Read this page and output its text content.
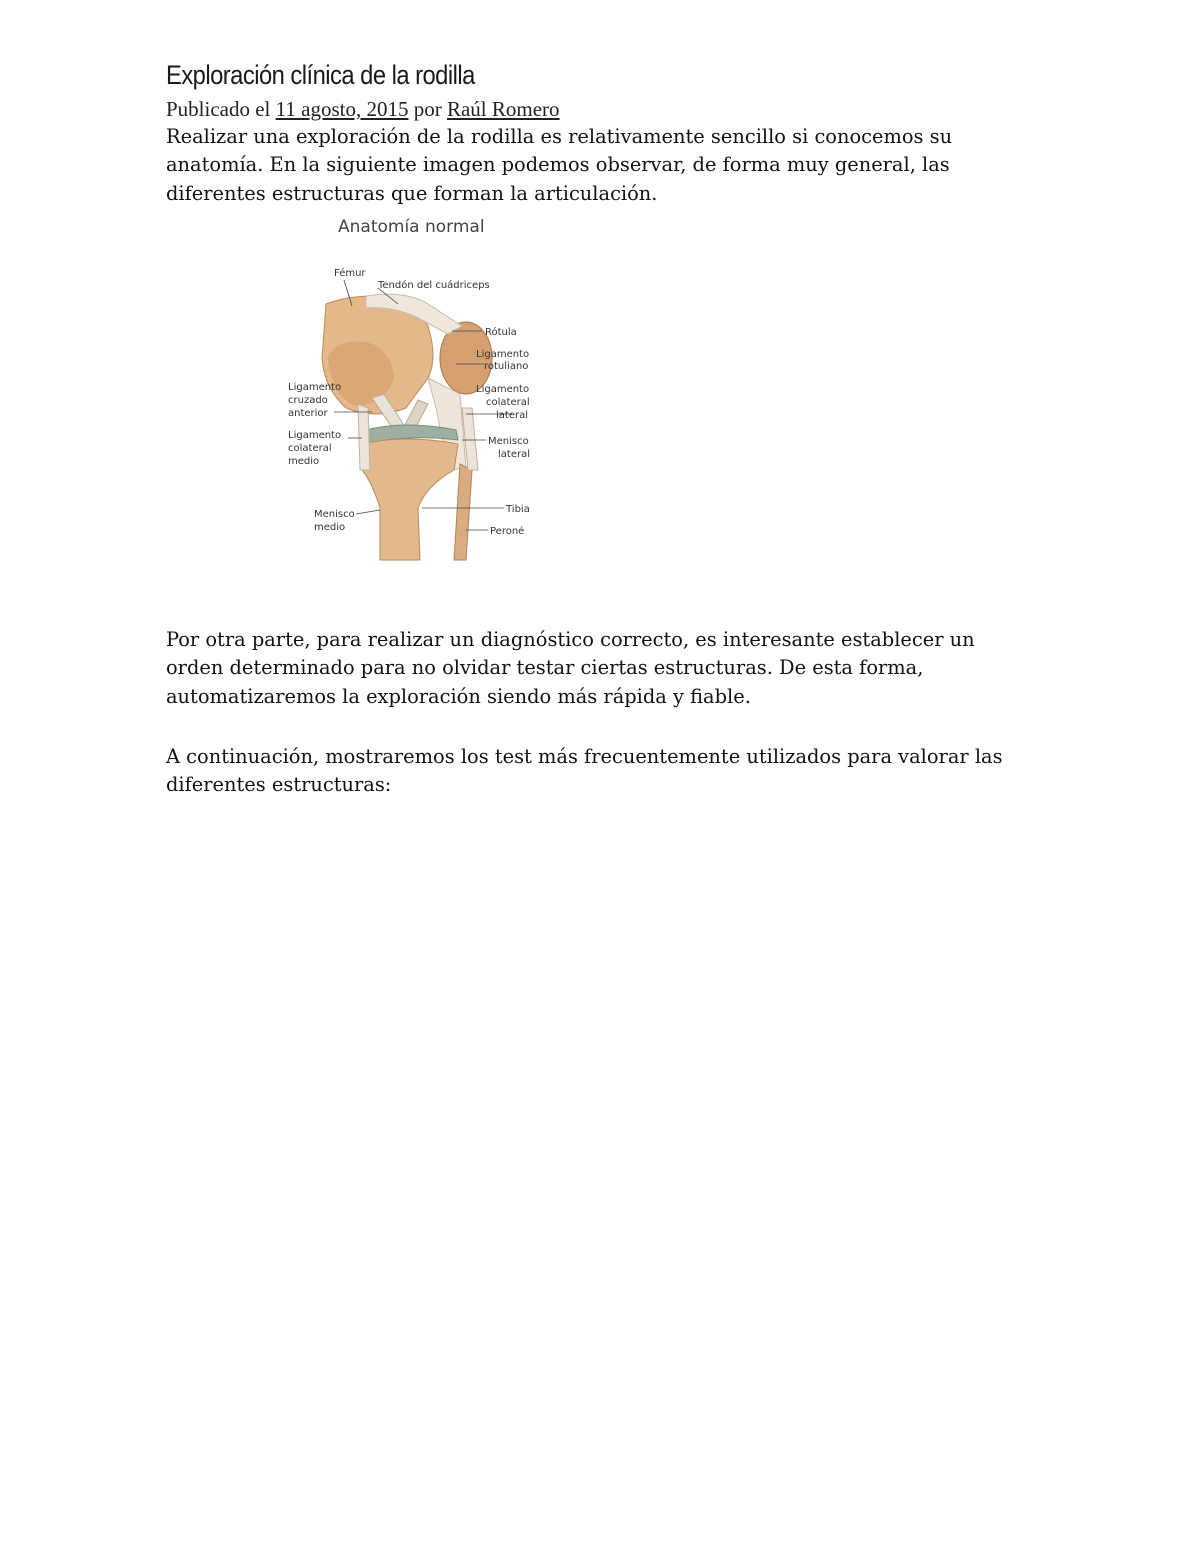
Exploración clínica de la rodilla
Publicado el 11 agosto, 2015 por Raúl Romero

Realizar una exploración de la rodilla es relativamente sencillo si conocemos su
anatomía. En la siguiente imagen podemos observar, de forma muy general, las
diferentes estructuras que forman la articulación.

Anatomía normal
Fémur
Tendón del cuádriceps
Rótula
Ligamento
rotuliano
Ligamento
colateral
lateral
Menisco
lateral
Tibia
Peroné
Ligamento
cruzado
anterior
Ligamento
colateral
medio
Menisco
medio

Por otra parte, para realizar un diagnóstico correcto, es interesante establecer un
orden determinado para no olvidar testar ciertas estructuras. De esta forma,
automatizaremos la exploración siendo más rápida y fiable.

A continuación, mostraremos los test más frecuentemente utilizados para valorar las
diferentes estructuras:
